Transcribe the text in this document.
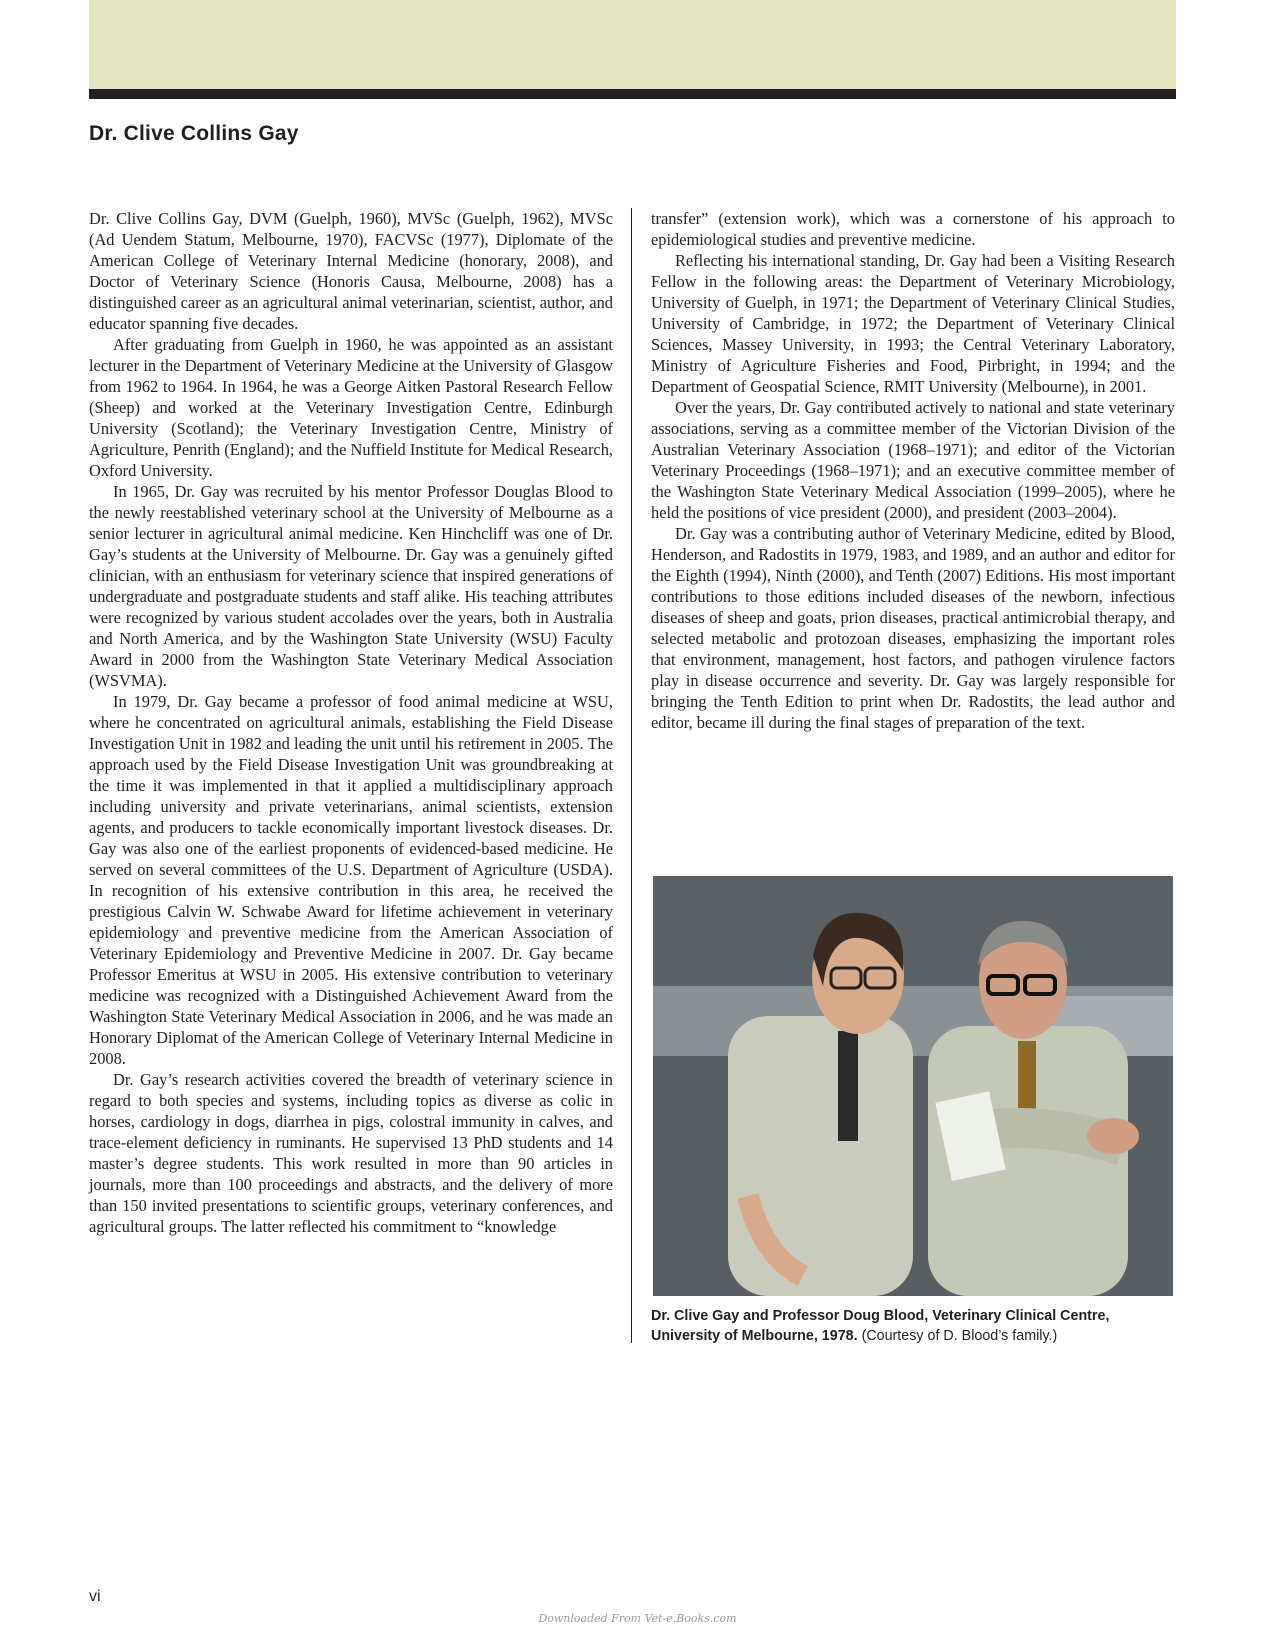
Dr. Clive Collins Gay

Dr. Clive Collins Gay, DVM (Guelph, 1960), MVSc (Guelph, 1962), MVSc (Ad Uendem Statum, Melbourne, 1970), FACVSc (1977), Diplomate of the American College of Veterinary Internal Medicine (honorary, 2008), and Doctor of Veterinary Science (Honoris Causa, Melbourne, 2008) has a distinguished career as an agricultural animal veterinarian, scientist, author, and educator spanning five decades.

After graduating from Guelph in 1960, he was appointed as an assistant lecturer in the Department of Veterinary Medicine at the University of Glasgow from 1962 to 1964. In 1964, he was a George Aitken Pastoral Research Fellow (Sheep) and worked at the Veterinary Investigation Centre, Edinburgh University (Scotland); the Veterinary Investigation Centre, Ministry of Agriculture, Penrith (England); and the Nuffield Institute for Medical Research, Oxford University.

In 1965, Dr. Gay was recruited by his mentor Professor Douglas Blood to the newly reestablished veterinary school at the University of Melbourne as a senior lecturer in agricultural animal medicine. Ken Hinchcliff was one of Dr. Gay’s students at the University of Melbourne. Dr. Gay was a genuinely gifted clinician, with an enthusiasm for veterinary science that inspired generations of undergraduate and postgraduate students and staff alike. His teaching attributes were recognized by various student accolades over the years, both in Australia and North America, and by the Washington State University (WSU) Faculty Award in 2000 from the Washington State Veterinary Medical Association (WSVMA).

In 1979, Dr. Gay became a professor of food animal medicine at WSU, where he concentrated on agricultural animals, establishing the Field Disease Investigation Unit in 1982 and leading the unit until his retirement in 2005. The approach used by the Field Disease Investigation Unit was groundbreaking at the time it was implemented in that it applied a multidisciplinary approach including university and private veterinarians, animal scientists, extension agents, and producers to tackle economically important livestock diseases. Dr. Gay was also one of the earliest proponents of evidenced-based medicine. He served on several committees of the U.S. Department of Agriculture (USDA). In recognition of his extensive contribution in this area, he received the prestigious Calvin W. Schwabe Award for lifetime achievement in veterinary epidemiology and preventive medicine from the American Association of Veterinary Epidemiology and Preventive Medicine in 2007. Dr. Gay became Professor Emeritus at WSU in 2005. His extensive contribution to veterinary medicine was recognized with a Distinguished Achievement Award from the Washington State Veterinary Medical Association in 2006, and he was made an Honorary Diplomat of the American College of Veterinary Internal Medicine in 2008.

Dr. Gay’s research activities covered the breadth of veterinary science in regard to both species and systems, including topics as diverse as colic in horses, cardiology in dogs, diarrhea in pigs, colostral immunity in calves, and trace-element deficiency in ruminants. He supervised 13 PhD students and 14 master’s degree students. This work resulted in more than 90 articles in journals, more than 100 proceedings and abstracts, and the delivery of more than 150 invited presentations to scientific groups, veterinary conferences, and agricultural groups. The latter reflected his commitment to “knowledge

transfer” (extension work), which was a cornerstone of his approach to epidemiological studies and preventive medicine.

Reflecting his international standing, Dr. Gay had been a Visiting Research Fellow in the following areas: the Department of Veterinary Microbiology, University of Guelph, in 1971; the Department of Veterinary Clinical Studies, University of Cambridge, in 1972; the Department of Veterinary Clinical Sciences, Massey University, in 1993; the Central Veterinary Laboratory, Ministry of Agriculture Fisheries and Food, Pirbright, in 1994; and the Department of Geospatial Science, RMIT University (Melbourne), in 2001.

Over the years, Dr. Gay contributed actively to national and state veterinary associations, serving as a committee member of the Victorian Division of the Australian Veterinary Association (1968–1971); and editor of the Victorian Veterinary Proceedings (1968–1971); and an executive committee member of the Washington State Veterinary Medical Association (1999–2005), where he held the positions of vice president (2000), and president (2003–2004).

Dr. Gay was a contributing author of Veterinary Medicine, edited by Blood, Henderson, and Radostits in 1979, 1983, and 1989, and an author and editor for the Eighth (1994), Ninth (2000), and Tenth (2007) Editions. His most important contributions to those editions included diseases of the newborn, infectious diseases of sheep and goats, prion diseases, practical antimicrobial therapy, and selected metabolic and protozoan diseases, emphasizing the important roles that environment, management, host factors, and pathogen virulence factors play in disease occurrence and severity. Dr. Gay was largely responsible for bringing the Tenth Edition to print when Dr. Radostits, the lead author and editor, became ill during the final stages of preparation of the text.

Dr. Clive Gay and Professor Doug Blood, Veterinary Clinical Centre, University of Melbourne, 1978. (Courtesy of D. Blood’s family.)
vi
Downloaded From Vet-e.Books.com
